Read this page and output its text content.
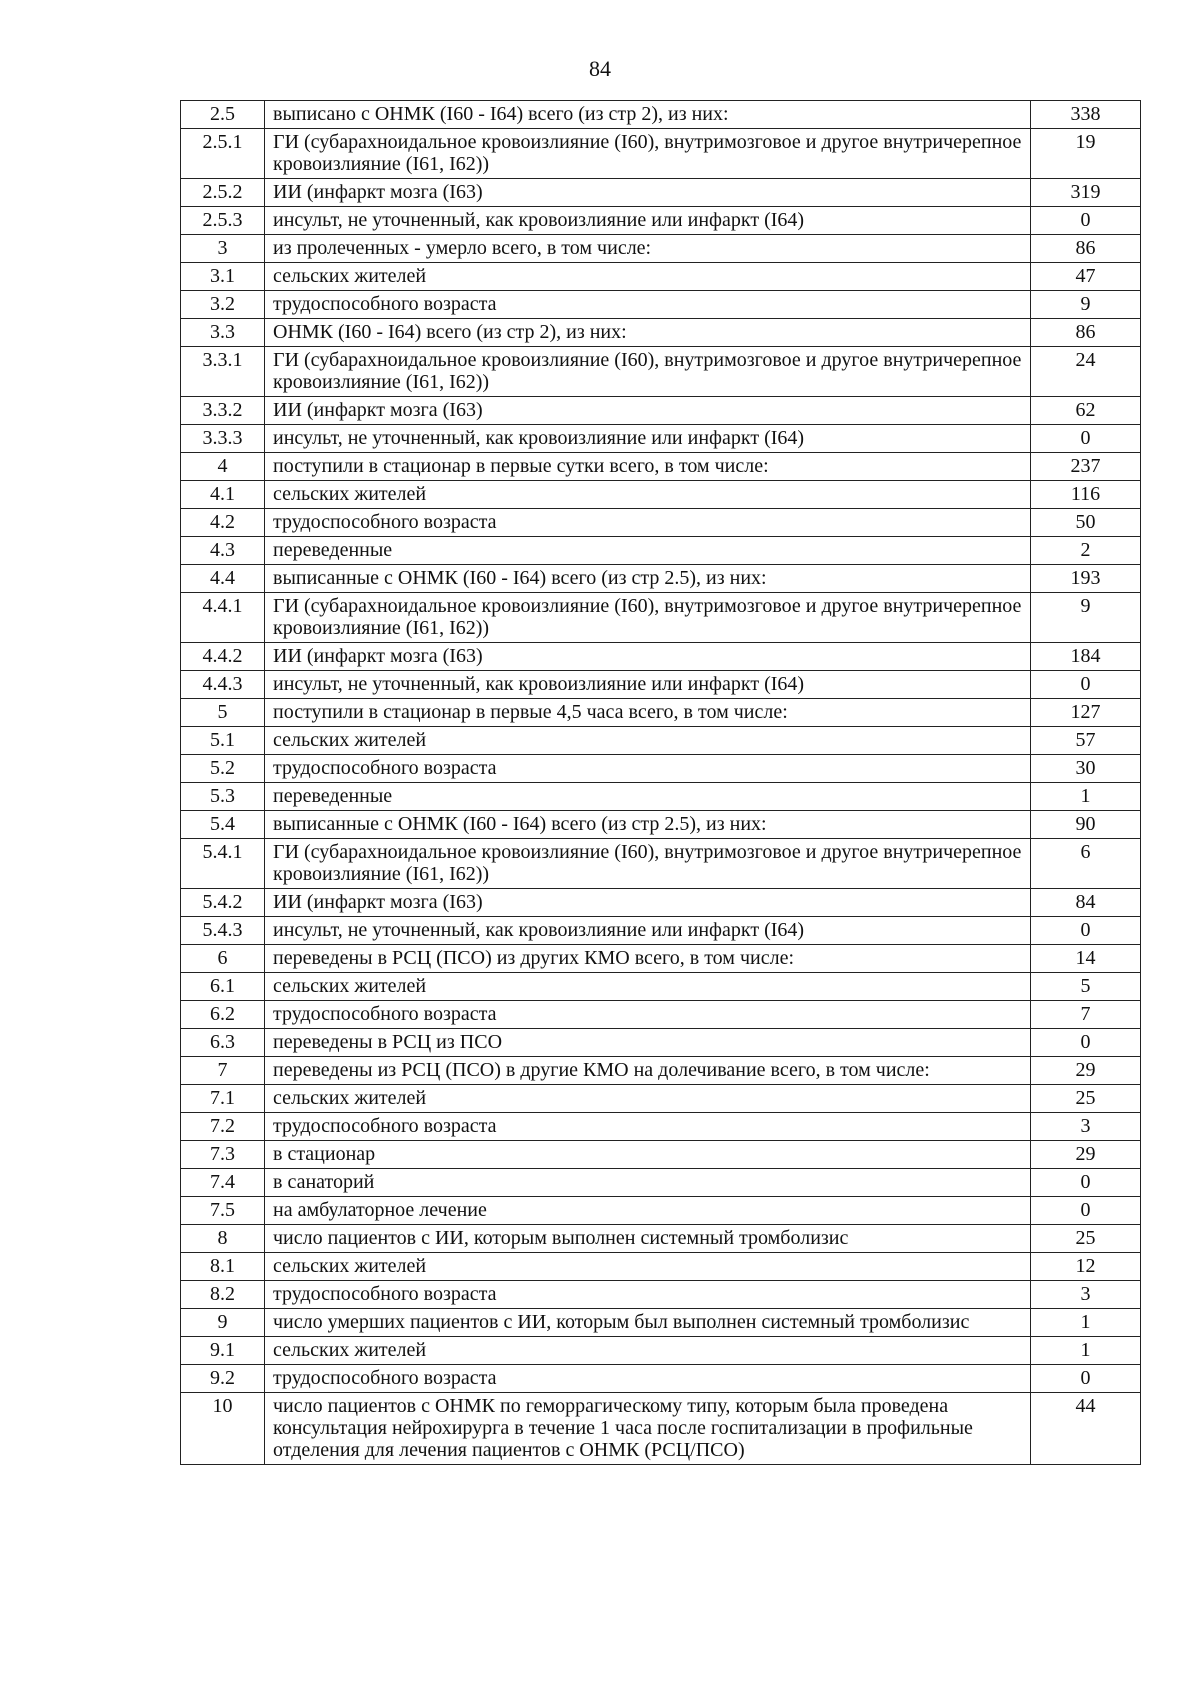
84
2.5	выписано с ОНМК (I60 - I64) всего (из стр 2), из них:	338
2.5.1	ГИ (субарахноидальное кровоизлияние (I60), внутримозговое и другое внутричерепное кровоизлияние (I61, I62))	19
2.5.2	ИИ (инфаркт мозга (I63)	319
2.5.3	инсульт, не уточненный, как кровоизлияние или инфаркт (I64)	0
3	из пролеченных - умерло всего, в том числе:	86
3.1	сельских жителей	47
3.2	трудоспособного возраста	9
3.3	ОНМК (I60 - I64) всего (из стр 2), из них:	86
3.3.1	ГИ (субарахноидальное кровоизлияние (I60), внутримозговое и другое внутричерепное кровоизлияние (I61, I62))	24
3.3.2	ИИ (инфаркт мозга (I63)	62
3.3.3	инсульт, не уточненный, как кровоизлияние или инфаркт (I64)	0
4	поступили в стационар в первые сутки всего, в том числе:	237
4.1	сельских жителей	116
4.2	трудоспособного возраста	50
4.3	переведенные	2
4.4	выписанные с ОНМК (I60 - I64) всего (из стр 2.5), из них:	193
4.4.1	ГИ (субарахноидальное кровоизлияние (I60), внутримозговое и другое внутричерепное кровоизлияние (I61, I62))	9
4.4.2	ИИ (инфаркт мозга (I63)	184
4.4.3	инсульт, не уточненный, как кровоизлияние или инфаркт (I64)	0
5	поступили в стационар в первые 4,5 часа всего, в том числе:	127
5.1	сельских жителей	57
5.2	трудоспособного возраста	30
5.3	переведенные	1
5.4	выписанные с ОНМК (I60 - I64) всего (из стр 2.5), из них:	90
5.4.1	ГИ (субарахноидальное кровоизлияние (I60), внутримозговое и другое внутричерепное кровоизлияние (I61, I62))	6
5.4.2	ИИ (инфаркт мозга (I63)	84
5.4.3	инсульт, не уточненный, как кровоизлияние или инфаркт (I64)	0
6	переведены в РСЦ (ПСО) из других КМО всего, в том числе:	14
6.1	сельских жителей	5
6.2	трудоспособного возраста	7
6.3	переведены в РСЦ из ПСО	0
7	переведены из РСЦ (ПСО) в другие КМО на долечивание всего, в том числе:	29
7.1	сельских жителей	25
7.2	трудоспособного возраста	3
7.3	в стационар	29
7.4	в санаторий	0
7.5	на амбулаторное лечение	0
8	число пациентов с ИИ, которым выполнен системный тромболизис	25
8.1	сельских жителей	12
8.2	трудоспособного возраста	3
9	число умерших пациентов с ИИ, которым был выполнен системный тромболизис	1
9.1	сельских жителей	1
9.2	трудоспособного возраста	0
10	число пациентов с ОНМК по геморрагическому типу, которым была проведена консультация нейрохирурга в течение 1 часа после госпитализации в профильные отделения для лечения пациентов с ОНМК (РСЦ/ПСО)	44
